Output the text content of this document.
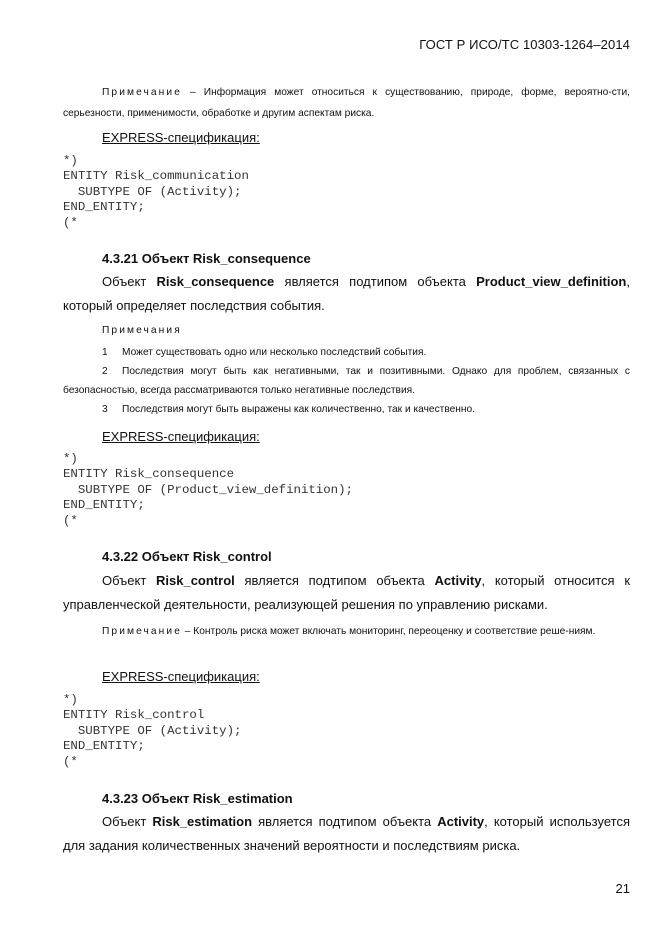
ГОСТ Р ИСО/ТС 10303-1264–2014
Примечание – Информация может относиться к существованию, природе, форме, вероятно-сти, серьезности, применимости, обработке и другим аспектам риска.
EXPRESS-спецификация:
*)
ENTITY Risk_communication
SUBTYPE OF (Activity);
END_ENTITY;
(*
4.3.21 Объект Risk_consequence
Объект Risk_consequence является подтипом объекта Product_view_definition, который определяет последствия события.
Примечания
1 Может существовать одно или несколько последствий события.
2 Последствия могут быть как негативными, так и позитивными. Однако для проблем, связанных с безопасностью, всегда рассматриваются только негативные последствия.
3 Последствия могут быть выражены как количественно, так и качественно.
EXPRESS-спецификация:
*)
ENTITY Risk_consequence
SUBTYPE OF (Product_view_definition);
END_ENTITY;
(*
4.3.22 Объект Risk_control
Объект Risk_control является подтипом объекта Activity, который относится к управленческой деятельности, реализующей решения по управлению рисками.
Примечание – Контроль риска может включать мониторинг, переоценку и соответствие реше-ниям.
EXPRESS-спецификация:
*)
ENTITY Risk_control
SUBTYPE OF (Activity);
END_ENTITY;
(*
4.3.23 Объект Risk_estimation
Объект Risk_estimation является подтипом объекта Activity, который используется для задания количественных значений вероятности и последствиям риска.
21
